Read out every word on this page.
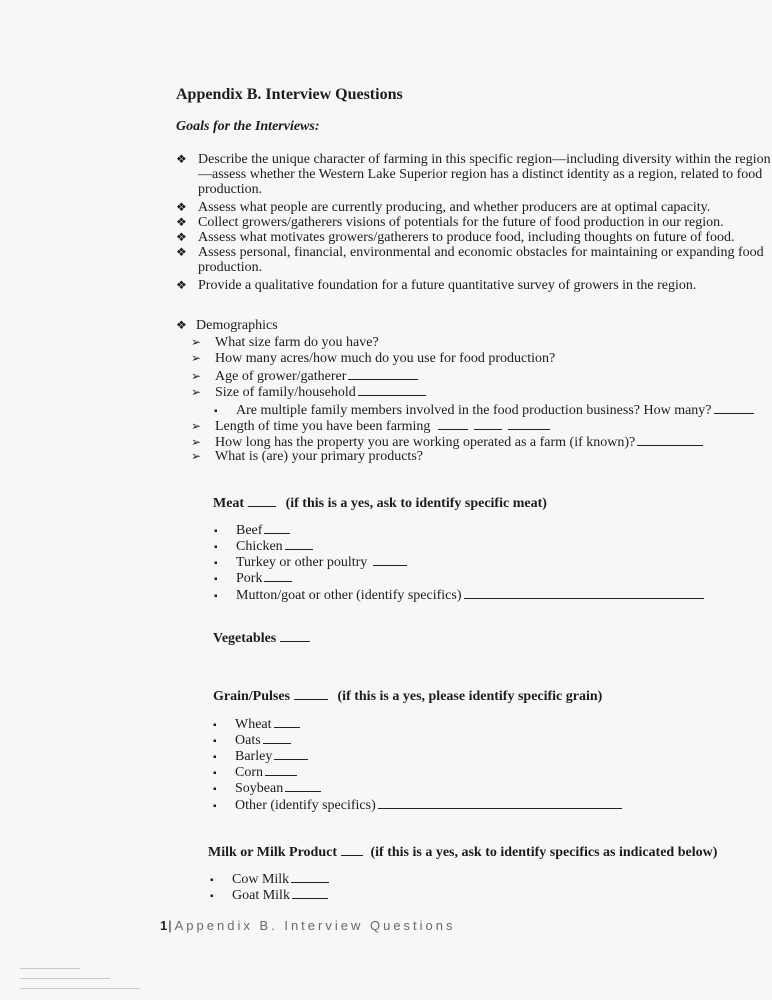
Appendix B. Interview Questions
Goals for the Interviews:
❖ Describe the unique character of farming in this specific region—including diversity within the region—assess whether the Western Lake Superior region has a distinct identity as a region, related to food production.
❖ Assess what people are currently producing, and whether producers are at optimal capacity.
❖ Collect growers/gatherers visions of potentials for the future of food production in our region.
❖ Assess what motivates growers/gatherers to produce food, including thoughts on future of food.
❖ Assess personal, financial, environmental and economic obstacles for maintaining or expanding food production.
❖ Provide a qualitative foundation for a future quantitative survey of growers in the region.
❖ Demographics
➢ What size farm do you have?
➢ How many acres/how much do you use for food production?
➢ Age of grower/gatherer
➢ Size of family/household
▪ Are multiple family members involved in the food production business? How many?
➢ Length of time you have been farming
➢ How long has the property you are working operated as a farm (if known)?
➢ What is (are) your primary products?
Meat	(if this is a yes, ask to identify specific meat)
▪ Beef
▪ Chicken
▪ Turkey or other poultry
▪ Pork
▪ Mutton/goat or other (identify specifics)
Vegetables
Grain/Pulses	(if this is a yes, please identify specific grain)
▪ Wheat
▪ Oats
▪ Barley
▪ Corn
▪ Soybean
▪ Other (identify specifics)
Milk or Milk Product (if this is a yes, ask to identify specifics as indicated below)
▪ Cow Milk
▪ Goat Milk
1| Appendix B. Interview Questions
